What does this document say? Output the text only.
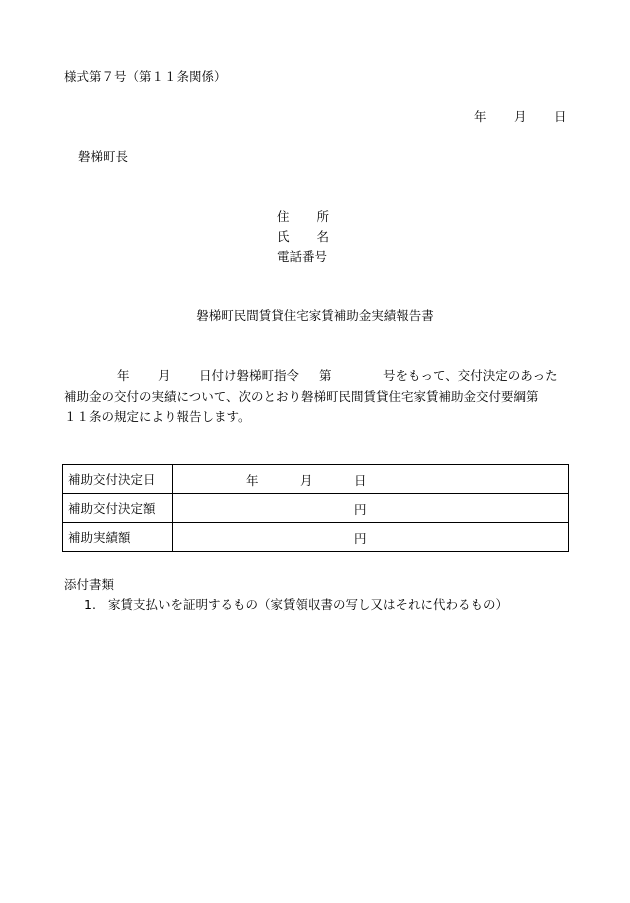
様式第７号（第１１条関係）
年 月 日
磐梯町長
住 所
氏 名
電話番号
磐梯町民間賃貸住宅家賃補助金実績報告書
年 月 日付け磐梯町指令 第	号をもって、交付決定のあった
補助金の交付の実績について、次のとおり磐梯町民間賃貸住宅家賃補助金交付要綱第
１１条の規定により報告します。
補助交付決定日	年 月 日

補助交付決定額	円

補助実績額	円
添付書類
1. 家賃支払いを証明するもの（家賃領収書の写し又はそれに代わるもの）
